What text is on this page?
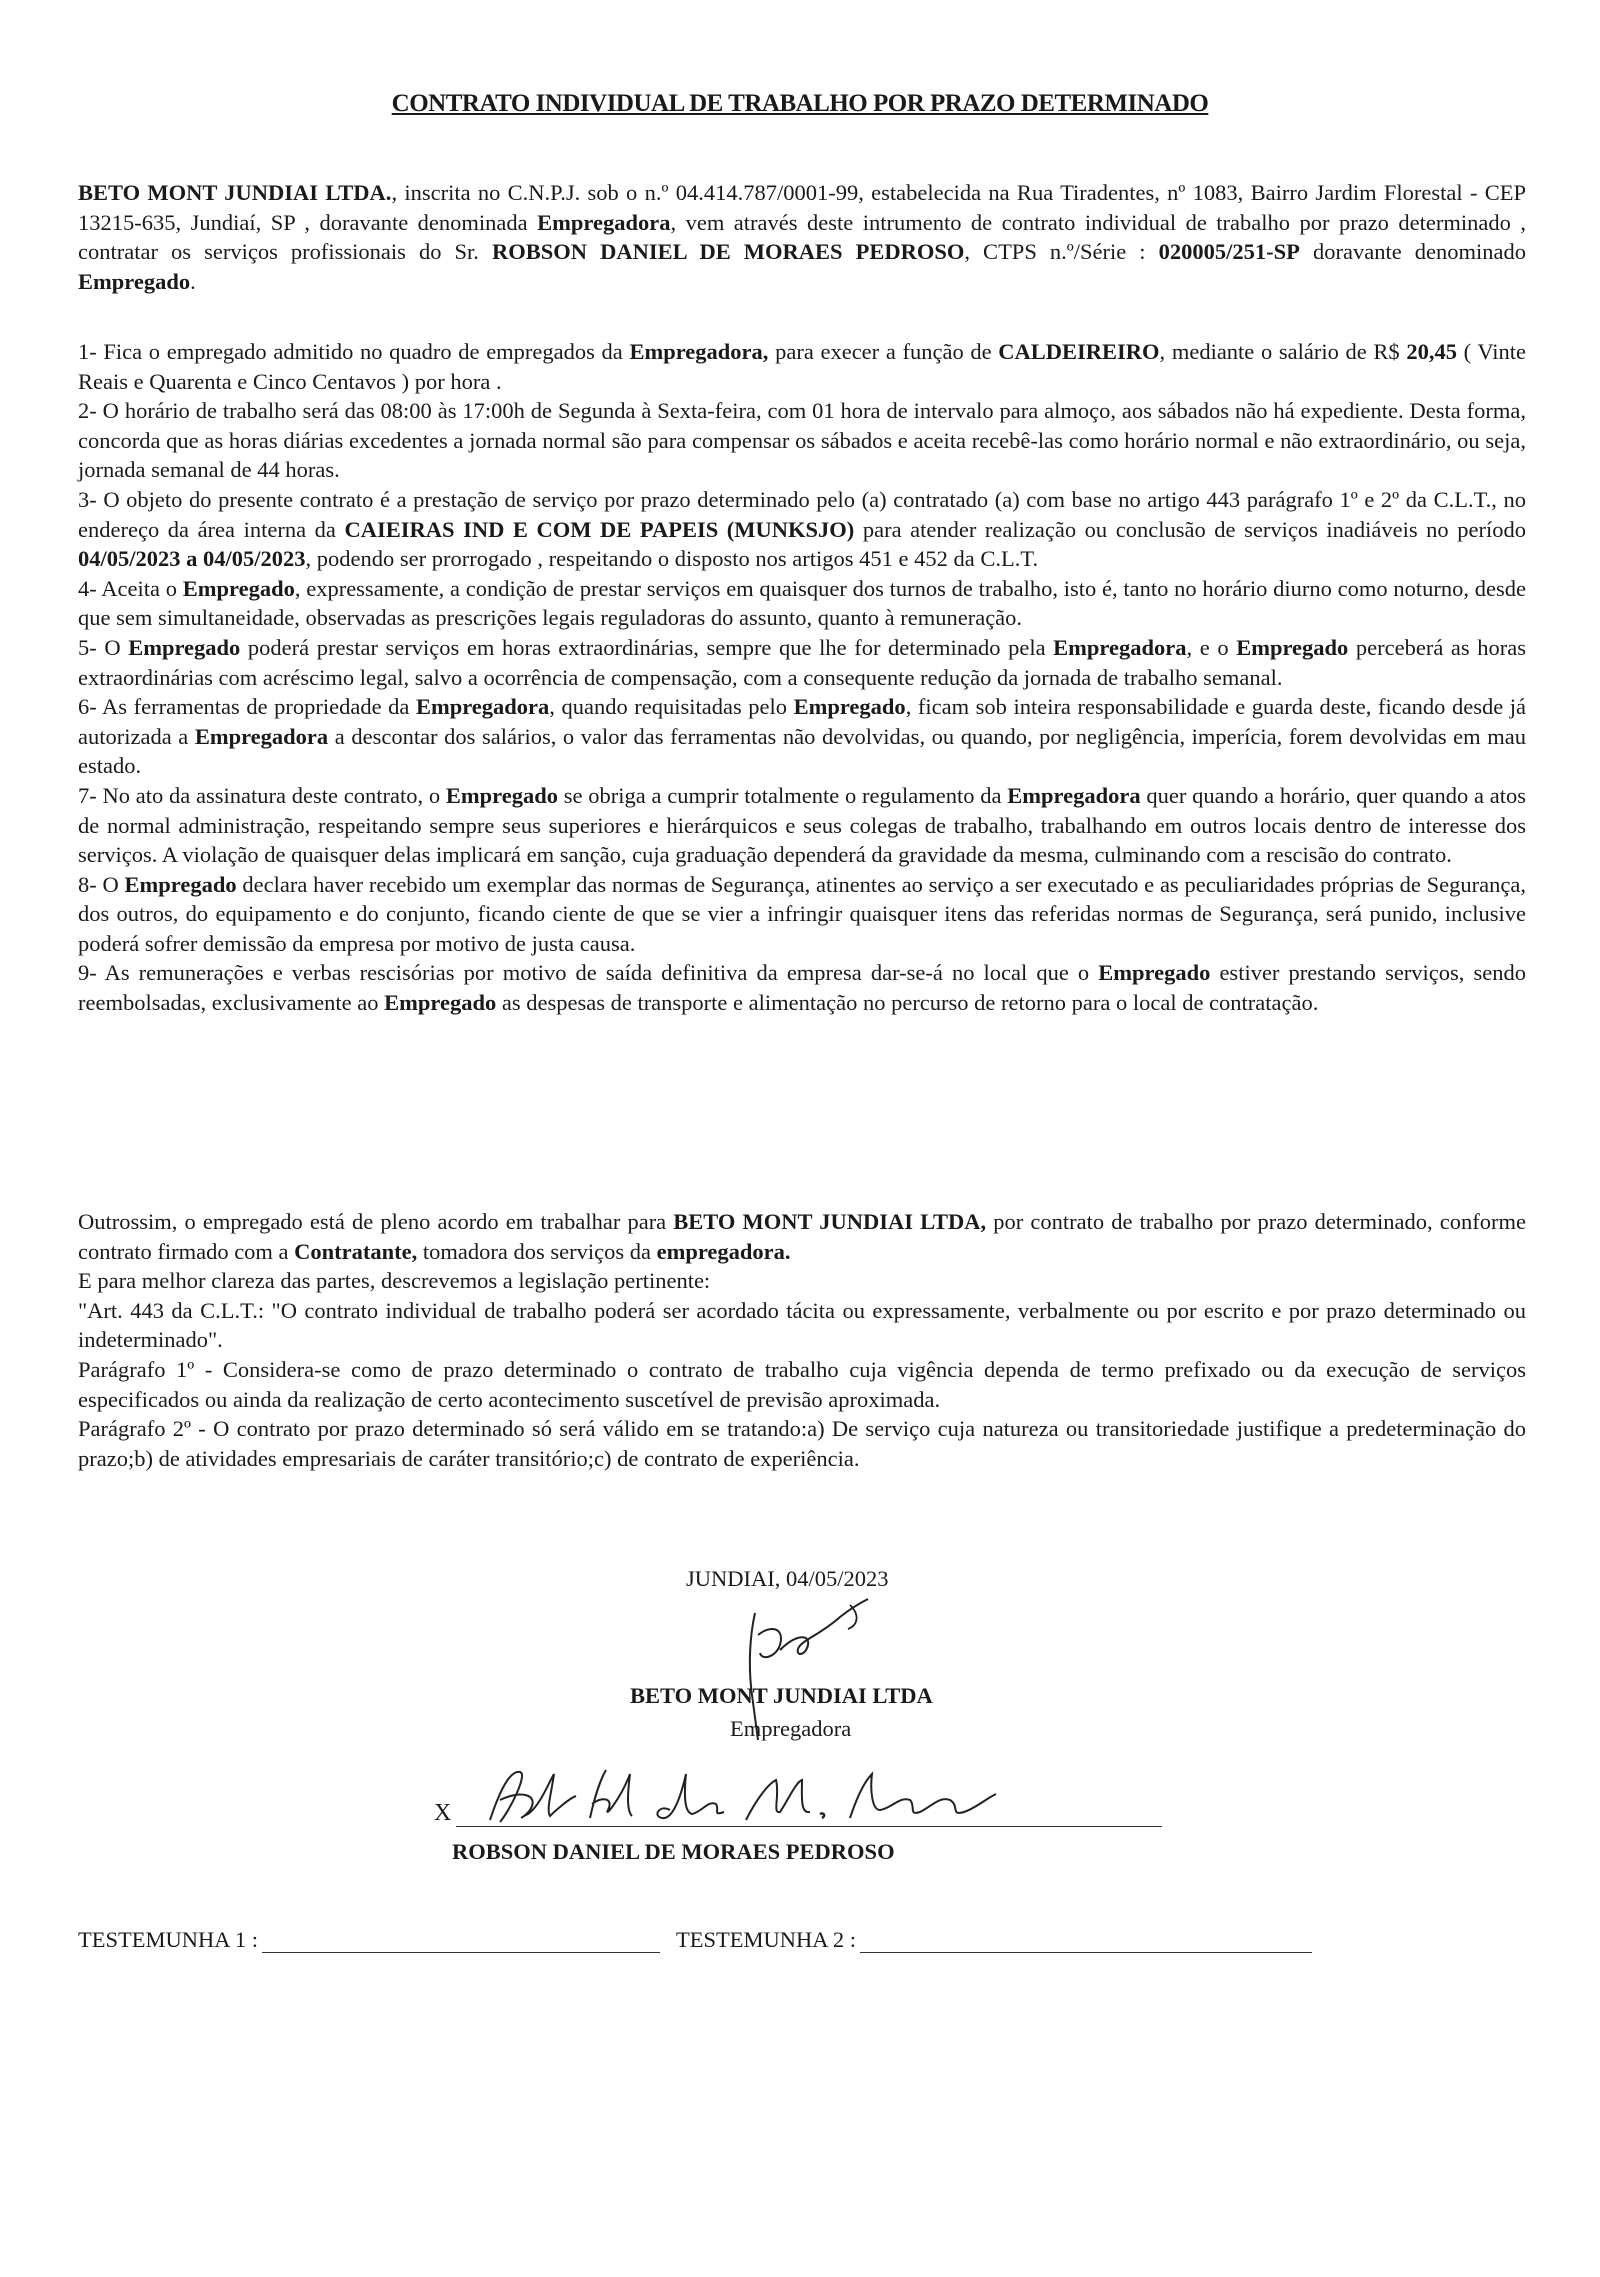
CONTRATO INDIVIDUAL DE TRABALHO POR PRAZO DETERMINADO

BETO MONT JUNDIAI LTDA., inscrita no C.N.P.J. sob o n.º 04.414.787/0001-99, estabelecida na Rua Tiradentes, nº 1083, Bairro Jardim Florestal - CEP 13215-635, Jundiaí, SP , doravante denominada Empregadora, vem através deste intrumento de contrato individual de trabalho por prazo determinado , contratar os serviços profissionais do Sr. ROBSON DANIEL DE MORAES PEDROSO, CTPS n.º/Série : 020005/251-SP doravante denominado Empregado.

1- Fica o empregado admitido no quadro de empregados da Empregadora, para execer a função de CALDEIREIRO, mediante o salário de R$ 20,45 ( Vinte Reais e Quarenta e Cinco Centavos ) por hora .

2- O horário de trabalho será das 08:00 às 17:00h de Segunda à Sexta-feira, com 01 hora de intervalo para almoço, aos sábados não há expediente. Desta forma, concorda que as horas diárias excedentes a jornada normal são para compensar os sábados e aceita recebê-las como horário normal e não extraordinário, ou seja, jornada semanal de 44 horas.

3- O objeto do presente contrato é a prestação de serviço por prazo determinado pelo (a) contratado (a) com base no artigo 443 parágrafo 1º e 2º da C.L.T., no endereço da área interna da CAIEIRAS IND E COM DE PAPEIS (MUNKSJO) para atender realização ou conclusão de serviços inadiáveis no período 04/05/2023 a 04/05/2023, podendo ser prorrogado , respeitando o disposto nos artigos 451 e 452 da C.L.T.

4- Aceita o Empregado, expressamente, a condição de prestar serviços em quaisquer dos turnos de trabalho, isto é, tanto no horário diurno como noturno, desde que sem simultaneidade, observadas as prescrições legais reguladoras do assunto, quanto à remuneração.

5- O Empregado poderá prestar serviços em horas extraordinárias, sempre que lhe for determinado pela Empregadora, e o Empregado perceberá as horas extraordinárias com acréscimo legal, salvo a ocorrência de compensação, com a consequente redução da jornada de trabalho semanal.

6- As ferramentas de propriedade da Empregadora, quando requisitadas pelo Empregado, ficam sob inteira responsabilidade e guarda deste, ficando desde já autorizada a Empregadora a descontar dos salários, o valor das ferramentas não devolvidas, ou quando, por negligência, imperícia, forem devolvidas em mau estado.

7- No ato da assinatura deste contrato, o Empregado se obriga a cumprir totalmente o regulamento da Empregadora quer quando a horário, quer quando a atos de normal administração, respeitando sempre seus superiores e hierárquicos e seus colegas de trabalho, trabalhando em outros locais dentro de interesse dos serviços. A violação de quaisquer delas implicará em sanção, cuja graduação dependerá da gravidade da mesma, culminando com a rescisão do contrato.

8- O Empregado declara haver recebido um exemplar das normas de Segurança, atinentes ao serviço a ser executado e as peculiaridades próprias de Segurança, dos outros, do equipamento e do conjunto, ficando ciente de que se vier a infringir quaisquer itens das referidas normas de Segurança, será punido, inclusive poderá sofrer demissão da empresa por motivo de justa causa.

9- As remunerações e verbas rescisórias por motivo de saída definitiva da empresa dar-se-á no local que o Empregado estiver prestando serviços, sendo reembolsadas, exclusivamente ao Empregado as despesas de transporte e alimentação no percurso de retorno para o local de contratação.

Outrossim, o empregado está de pleno acordo em trabalhar para BETO MONT JUNDIAI LTDA, por contrato de trabalho por prazo determinado, conforme contrato firmado com a Contratante, tomadora dos serviços da empregadora.

E para melhor clareza das partes, descrevemos a legislação pertinente:

"Art. 443 da C.L.T.: "O contrato individual de trabalho poderá ser acordado tácita ou expressamente, verbalmente ou por escrito e por prazo determinado ou indeterminado".

Parágrafo 1º - Considera-se como de prazo determinado o contrato de trabalho cuja vigência dependa de termo prefixado ou da execução de serviços especificados ou ainda da realização de certo acontecimento suscetível de previsão aproximada.

Parágrafo 2º - O contrato por prazo determinado só será válido em se tratando:a) De serviço cuja natureza ou transitoriedade justifique a predeterminação do prazo;b) de atividades empresariais de caráter transitório;c) de contrato de experiência.

JUNDIAI, 04/05/2023

BETO MONT JUNDIAI LTDA

Empregadora

X

ROBSON DANIEL DE MORAES PEDROSO

TESTEMUNHA 1 :	TESTEMUNHA 2 :
